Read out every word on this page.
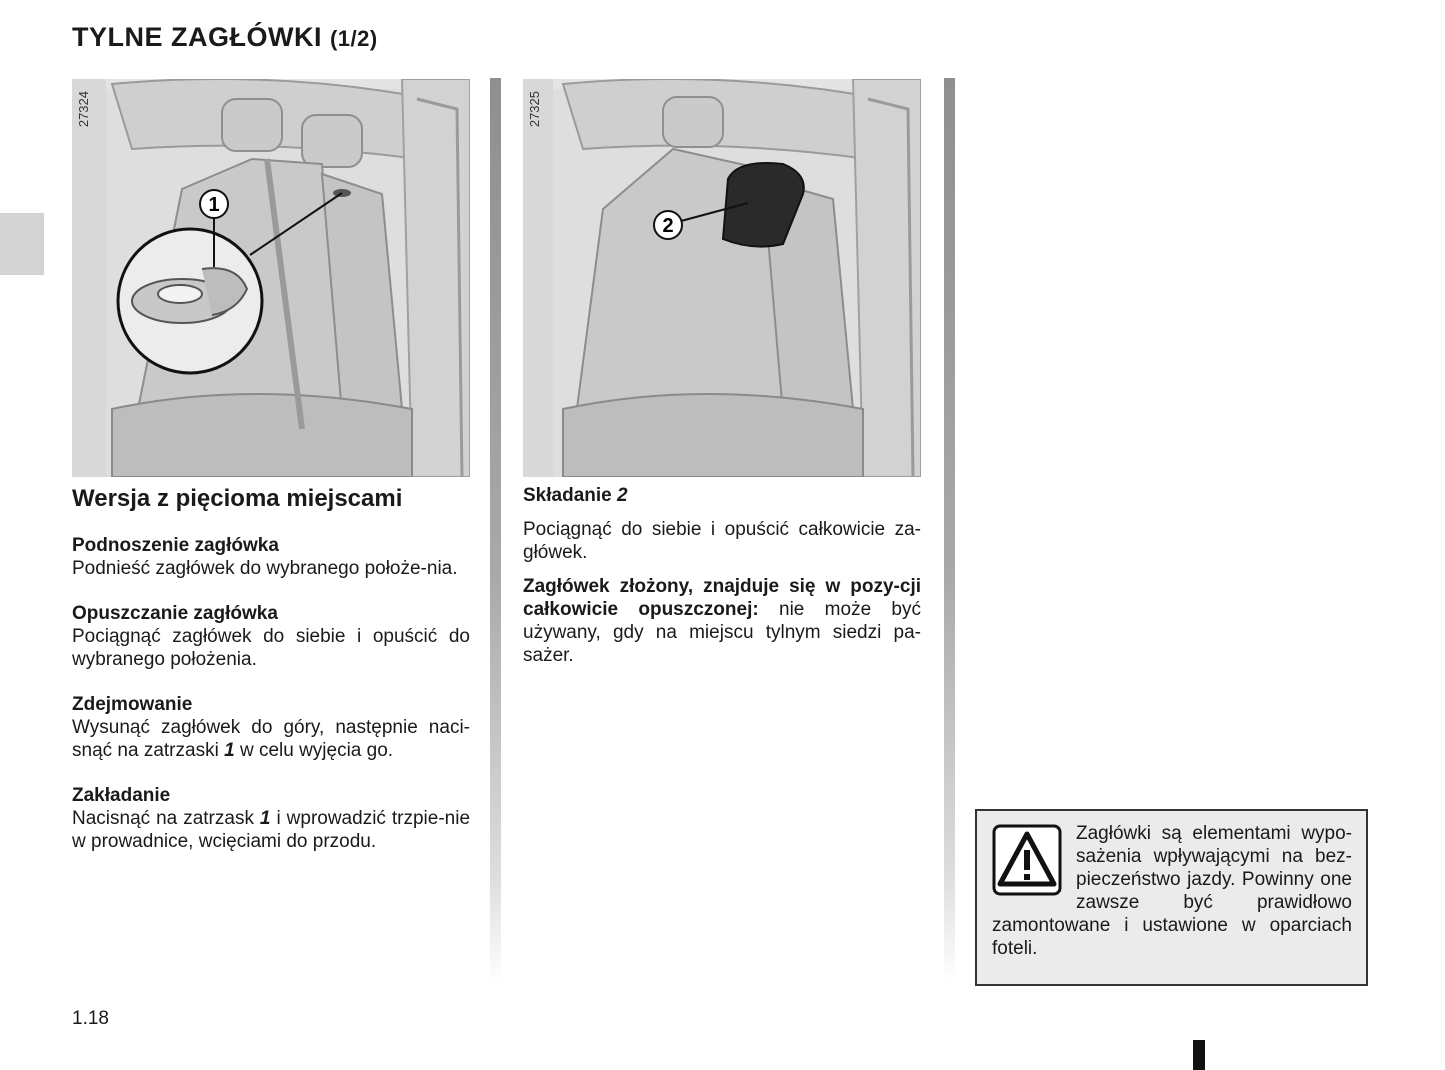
TYLNE ZAGŁÓWKI (1/2)
1
27324
2
27325
Wersja z pięcioma miejscami
Podnoszenie zagłówka

Podnieść zagłówek do wybranego położe-nia.

Opuszczanie zagłówka

Pociągnąć zagłówek do siebie i opuścić do wybranego położenia.

Zdejmowanie

Wysunąć zagłówek do góry, następnie naci-snąć na zatrzaski 1 w celu wyjęcia go.

Zakładanie

Nacisnąć na zatrzask 1 i wprowadzić trzpie-nie w prowadnice, wcięciami do przodu.

Składanie 2

Pociągnąć do siebie i opuścić całkowicie za-główek.

Zagłówek złożony, znajduje się w pozy-cji całkowicie opuszczonej: nie może być używany, gdy na miejscu tylnym siedzi pa-sażer.

Zagłówki są elementami wypo-sażenia wpływającymi na bez-pieczeństwo jazdy. Powinny one zawsze być prawidłowo zamontowane i ustawione w oparciach foteli.
1.18
